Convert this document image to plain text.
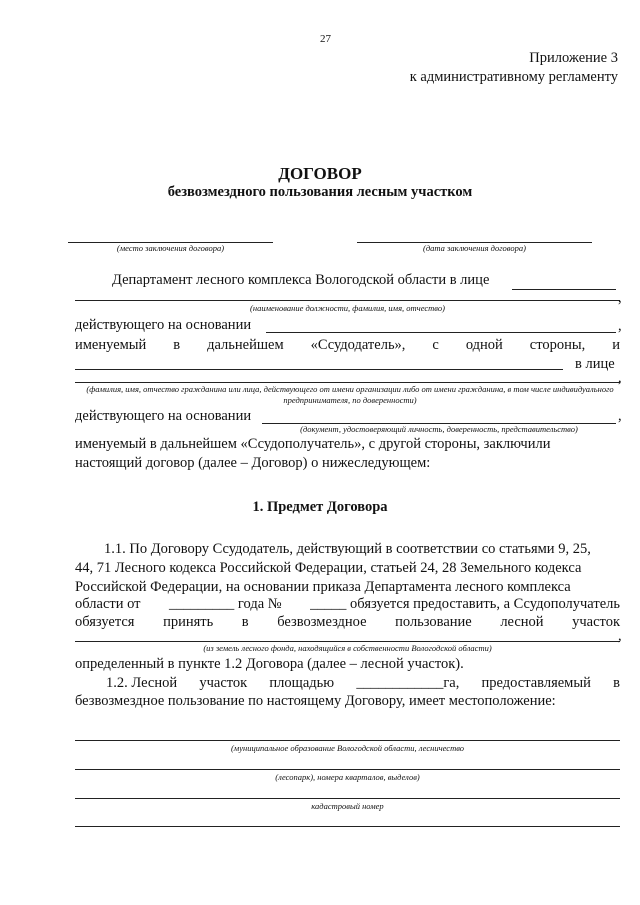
27
Приложение 3
к административному регламенту
ДОГОВОР
безвозмездного пользования лесным участком
(место заключения договора)	(дата заключения договора)
Департамент лесного комплекса Вологодской области в лице
,
(наименование должности, фамилия, имя, отчество)
действующего на основании	,
именуемый в дальнейшем «Ссудодатель», с одной стороны, и
в лице
,
(фамилия, имя, отчество гражданина или лица, действующего от имени организации либо от имени гражданина, в том числе индивидуального предпринимателя, по доверенности)
действующего на основании	,
(документ, удостоверяющий личность, доверенность, представительство)
именуемый в дальнейшем «Ссудополучатель», с другой стороны, заключили
настоящий договор (далее – Договор) о нижеследующем:
1. Предмет Договора
1.1. По Договору Ссудодатель, действующий в соответствии со статьями 9, 25,
44, 71 Лесного кодекса Российской Федерации, статьей 24, 28 Земельного кодекса
Российской Федерации, на основании приказа Департамента лесного комплекса
области от _________ года № _____ обязуется предоставить, а Ссудополучатель
обязуется принять в безвозмездное пользование лесной участок
,
(из земель лесного фонда, находящийся в собственности Вологодской области)
определенный в пункте 1.2 Договора (далее – лесной участок).
1.2. Лесной участок площадью ____________га, предоставляемый в
безвозмездное пользование по настоящему Договору, имеет местоположение:
(муниципальное образование Вологодской области, лесничество
(лесопарк), номера кварталов, выделов)
кадастровый номер
